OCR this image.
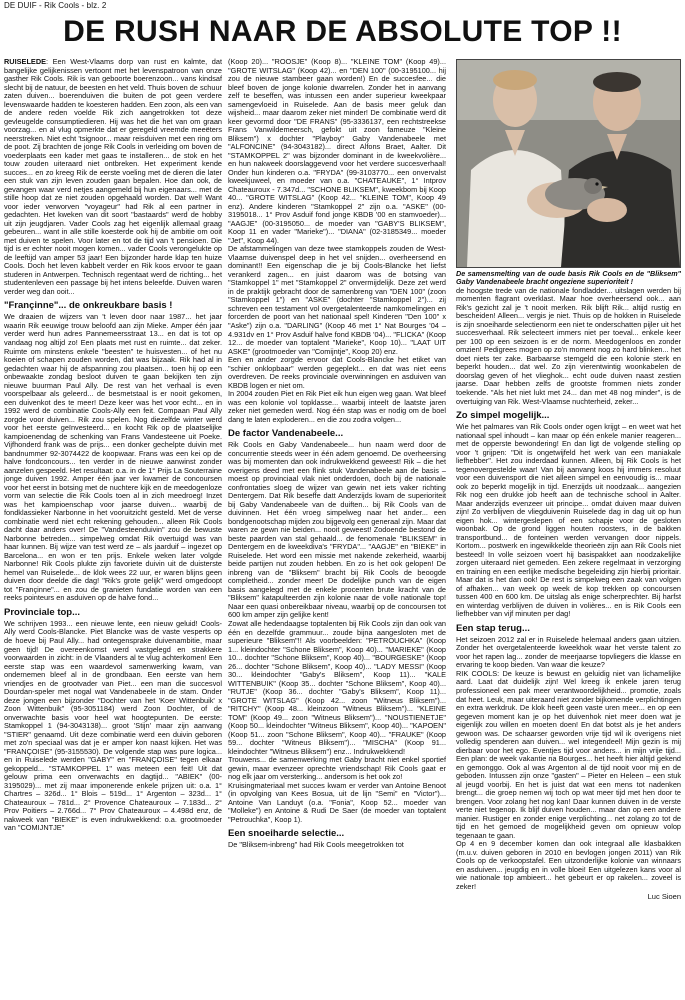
DE DUIF - Rik Cools - blz. 2
DE RUSH NAAR DE ABSOLUTE TOP !!

RUISELEDE: Een West-Vlaams dorp van rust en kalmte, dat bangelijke gelijkenissen vertoont met het levenspatroon van onze gasther Rik Cools. Rik is van geboorte boerenzoon... vans kindsaf slecht bij de natuur, de beesten en het veld. Thuis boven de schuur zaten duiven... boerenduiven die buiten de pot geen verdere levenswaarde hadden te koesteren hadden. Een zoon, als een van de andere reden voelde Rik zich aangetrokken tot deze gevleugelde consumptiedieren. Hij was het die het van om graan voorzag... en al vlug opmerkte dat er geregeld vreemde meeëters neerstreken. Niet echt 'tsignoor... maar reisduiven met een ring om de poot. Zij brachten de jonge Rik Cools in verleiding om boven de voederplaats een kader met gaas te installeren... de stok en het touw zouden uiteraard niet ontbreken. Het experiment kende succes... en zo kreeg Rik de eerste voeling met de dieren die later een stuk van zijn leven zouden gaan bepalen. Hoe dan ook, de gevangen waar verd netjes aangemeld bij hun eigenaars... met de stille hoop dat ze niet zouden opgehaald worden. Dat wel! Want voor ieder verworven "voyageur" had Rik al een partner in gedachten. Het kweken van dit soort "bastaards" werd de hobby uit zijn jeugdjaren. Vader Cools zag het eigenlijk allemaal graag gebeuren... want in alle stille koesterde ook hij de ambitie om ooit met duiven te spelen. Voor later en tot de tijd van 't pensioen. Die tijd is er echter nooit mogen komen... vader Cools verongelukte op de leeftijd van amper 53 jaar! Een bijzonder harde klap ten huize Cools. Doch het leven kabbelt verder en Rik koos ervoor te gaan studeren in Antwerpen. Technisch regentaat werd de richting... het studentenleven een passage bij het intens beleefde. Duiven waren verder weg dan ooit...

"Françinne"... de onkreukbare basis !

We draaien de wijzers van 't leven door naar 1987... het jaar waarin Rik eeuwige trouw beloofd aan zijn Mieke. Amper één jaar verder werd hun adres Pannemeersstraat 13... en dat is tot op vandaag nog altijd zo! Een plaats met rust en ruimte... dat zeker. Ruimte om minstens enkele "beesten" te huisvesten... of het nu koeien of schapen zouden worden, dat was bijzaak. Rik had al in gedachten waar hij de afspanning zou plaatsen... toen hij op een onbewaakte zondag besloot duiven te gaan bekijken ten zijn nieuwe buurman Paul Ally. De rest van het verhaal is even voorspelbaar als geleerd... de besmetstaal is er nooit gekomen, een duivenkot des te meer! Deze keer was het voor echt... en in 1992 werd de combinatie Cools-Ally een feit. Compaan Paul Ally zorgde voor duiven... Rik zou spelen. Nog diezelfde winter werd voor het eerste geïnvesteerd... en kocht Rik op de plaatselijke kampioenendag de schenking van Frans Vandesteene uit Poeke. Vijfhonderd frank was de prijs... een donker gechelpte duivin met bandnummer 92-3074422 de koopwaar. Frans was een kei op de halve fondconcours... ten verder in de nieuwe aanwinst zonder aanzelen gespeeld. Het resultaat: o.a. in de 1° Prijs La Souterraine jonge duiven 1992. Amper één jaar ver kwamer de concoursen voor het eerst in botsing met de nuchtere kijk en de meedogenloze vorm van selectie die Rik Cools toen al in zich meedroeg! Inzet was het kampioenschap voor jaarse duiven... waarbij de fondklassieker Narbonne in het vooruitzicht gesteld. Met de verse combinatie werd niet echt rekening gehouden... alleen Rik Cools dacht daar anders over! De "Vandesteenduivin" zou de bewuste Narbonne betreden... simpelweg omdat Rik overtuigd was van haar kunnen. Bij wijze van test werd ze – als jaarduif – ingezet op Barcelona... en won er ten prijs. Enkele weken later volgde Narbonne! Rik Cools plukte zijn favoriete duivin uit de duisterste hemel van Ruiselede... de klok wees 22 uur, er waren blijns geen duiven door deelde die dag! "Rik's grote gelijk" werd omgedoopt tot "Françinne"... en zou de granieten fundatie worden van een reeks pointeurs en asduiven op de halve fond...

Provinciale top...

We schrijven 1993... een nieuwe lente, een nieuw geluid! Cools-Ally werd Cools-Blancke. Piet Blancke was de vaste vesperts op de hoeve bij Paul Ally... had ontegensprake duivenambitie, maar geen tijd! De overeenkomst werd vastgelegd en strakkere voorwaarden in zicht: in de Vlaanders al te vlug achterkomen! Een eerste stap was een waardevol samenwerking kwam, van ondernemen bleef al in de grondbaan. Een eerste van hem vriendjes en de grootvader van Piet... een man die succesvol Dourdan-speler met nogal wat Vandenabeele in de stam. Onder deze jongen een bijzonder "Dochter van het 'Koer Wittenbuik' x Zoon Wittenbuik" (95-3051184) werd Zoon Dochter, of de onverwachte basis voor heel wat hoogtepunten. De eerste: Stamkoppel 1 (94-3043138)... groot 'Stijn' maar zijn aanvang "STIER" genaamd. Uit deze combinatie werd een duivin geboren met zo'n speciaal was dat je er amper kon naast kijken. Het was "FRANÇOISE" (95-3155530). De volgende stap was pure logica... en in Ruiselede werden "GABY" en "FRANÇOISE" tegen elkaar gekoppeld... "STAMKOPPEL 1" was meteen een feit! Uit dat gelouw prima een onverwachts en dagtijd... "ABIEK" (00-3195029)... met zij maar imponerende enkele prijzen uit: o.a. 1° Chartres – 326d... 1° Blois – 519d... 1° Argenton – 323d... 1° Chateauroux – 781d... 2° Provence Chateauroux – 7.183d... 2° Prov Poitiers – 2.766d... 7° Prov Chateauroux – 4.498d enz, de nakweek van "BIEKE" is even indrukwekkend: o.a. grootmoeder van "COMIJNTJE"

(Koop 20)... "ROOSJE" (Koop 8)... "KLEINE TOM" (Koop 49)... "GROTE WITSLAG" (Koop 42)... en "DEN 100" (00-3195100... hij zou de nieuwe stambeer gaan worden!) En de succesfee... die bleef boven de jonge kolonie dwarrelen. Zonder het in aanvang zelf te beseffen, was intussen een ander superieur kweekpaar samengevloeid in Ruiselede. Aan de basis meer geluk dan wijsheid... maar daarom zeker niet minder! De combinatie werd dit keer gevormd door "DE FRANS" (95-3336137, een rechtstreekse Frans Vanwildemeersch, gefokt uit zoon fameuze "Kleine Bliksem") x dochter "Playboy" Gaby Vandenabeele met "ALFONCINE" (94-3043182)... direct Alfons Braet, Aalter. Dit "STAMKOPPEL 2" was bijzonder dominant in de kweekvolière... en hun nakweek doorslaggevend voor het verdere succesverhaal! Onder hun kinderen o.a. "FRYDA" (99-3103770... een onvervalst kweekjuweel, en moeder van o.a. "CHATEAUKE", 1° Intprov Chateauroux - 7.347d... "SCHONE BLIKSEM", kweekbom bij Koop 40... "GROTE WITSLAG" (Koop 42... "KLEINE TOM", Koop 49 enz). Andere kinderen "Stamkoppel 2" zijn o.a. "ASKE" (00-3195018... 1° Prov Asduif fond jonge KBDB '00 en stamvoeder)... "AAGJE" (00-3195050... de moeder van "GABY'S BLIKSEM", Koop 11 en vader "Marieke")... "DIANA" (02-3185349... moeder "Jet", Koop 44).

De afstammelingen van deze twee stamkoppels zouden de West-Vlaamse duivenspel deep in het vel snijden... overheersend en dominant!! Een eigenschap die je bij Cools-Blancke het liefst verankerd zagen... en juist daarom was de botsing van "Stamkoppel 1" met "Stamkoppel 2" onvermijdelijk. Deze zet werd in de praktijk gebracht door de samenbreng van "DEN 100" (zoon "Stamkoppel 1") en "ASKE" (dochter "Stamkoppel 2")... zij schreven een testament vol overgetalenteerde namkomelingen en forcerden de poort van het nationaal spel! Kinderen "Den 100" x "Aske") zijn o.a. "DARLING" (Koop 46 met 1° Nat Bourges '04 – 4.931dv en 1° Prov Asduif halve fond KBDB '04)... "FLICKA" (Koop 12... de moeder van toptalent "Marieke", Koop 10)... "LAAT UIT ASKE" (grootmoeder van "Comijntje", Koop 20) enz.

Een en ander zorgde ervoor dat Cools-Blancke het etiket van "schier onklopbaar" werden gegeplekt... en dat was niet eens overdreven. De reeks provinciale overwinningen en asduiven van KBDB logen er niet om.

In 2004 zouden Piet en Rik Piet eik hun eigen weg gaan. Wat bleef was een kolonie vol topklasse... waarbij inteelt de laatste jaren zeker niet gemeden werd. Nog één stap was er nodig om de boel dang te laten exploderen... en die zou zodra volgen...

De factor Vandenabeele...

Rik Cools en Gaby Vandenabeele... hun naam werd door de concurrentie steeds weer in één adem genoemd. De overheersing was bij momenten dan ook indrukwekkend geweest! Rik – die het overigens deed met een flink stuk Vandenabeele aan de basis – moest op provinciaal vlak niet onderdoen, doch bij de nationale confrontaties sloeg de wijzer van gewin net iets vaker richting Dentergem. Dat Rik beseffe datt Anderzijds kwam de superioriteit bij Gaby Vandenabeele van de duiften... bij Rik Cools van de duivinnen. Het één vroeg simpelweg naar het ander... een bondgenootschap mijden zou bijgevolg een generaal zijn. Maar dat waren ze gewn nie beiden... nooit geweest! Zodoende bestond de beste paarden van stal gehaald... de fenomenale "BLIKSEM" in Dentergem en de kweekdiva's "FRYDA"... "AAGJE" en "BIEKE" in Ruiselede. Het word een missie met nakende zekerheid, waarbij beide partijen nut zouden hebben. En zo is het ook gelopen! De inbreng van de "Bliksem" bracht bij Rik Cools de beoogde completheid... zonder meer! De dodelijke punch van de eigen basis aangelegd met de enkele procenten brute kracht van de "Bliksem" katapulteerden zijn kolonie naar de volle nationale top! Naar een quasi onbereikbaar niveau, waarbij op de concoursen tot 600 km amper zijn gelijke kent!

Zowat alle hedendaagse toptalenten bij Rik Cools zijn dan ook van één en dezelfde grammuur... zoude bijna aangesloten met de superieure "Bliksem"!! Als voorbeelden: "PETROUCHKA" (Koop 1... kleindochter "Schone Bliksem", Koop 40)... "MARIEKE" (Koop 10... dochter "Schone Bliksem", Koop 40)... "BOURGESKE" (Koop 26... dochter "Schone Bliksem", Koop 40)... "LADY MESSI" (Koop 30... kleindochter "Gaby's Bliksem", Koop 11)... "KALE WITTENBUIK" (Koop 35... dochter "Schone Bliksem", Koop 40)... "RUTJE" (Koop 36... dochter "Gaby's Bliksem", Koop 11)... "GROTE WITSLAG" (Koop 42... zoon "Witneus Bliksem")... "RITCHY" (Koop 48... kleinzoon "Witneus Bliksem")... "KLEINE TOM" (Koop 49... zoon "Witneus Bliksem")... "NOUSTIENETJE" (Koop 50... kleindochter "Witneus Bliksem", Koop 40)... "KAPOEN" (Koop 51... zoon "Schone Bliksem", Koop 40)... "FRAUKE" (Koop 59... dochter "Witneus Bliksem")... "MISCHA" (Koop 91... kleindochter "Witneus Bliksem") enz... Indrukwekkend!

Trouwens... de samenwerking met Gaby bracht niet enkel sportief gewin, maar evenzeer oprechte vriendschap! Rik Cools gaat er nog elk jaar om versterking... andersom is het ook zo!

Kruisingmateriaal met succes kwam er verder van Antoine Benoot (in opvolging van Kees Bosua, uit de lijn "Semi" en "Victor")... Antoine Van Landuyt (o.a. "Fonia", Koop 52... moeder van "Molleke") en Antoine & Rudi De Saer (de moeder van toptalent "Petrouchka", Koop 1).

Een snoeiharde selectie...

De "Bliksem-inbreng" had Rik Cools meegetrokken tot

De samensmelting van de oude basis Rik Cools en de "Bliksem" Gaby Vandenabeele bracht ongeziene superioriteit !

de hoogste trede van de nationale fondladder... uitslagen werden bij momenten flagrant overklast. Maar hoe overheersend ook... aan Rik's gezicht zal je 't nooit merken. Rik blijft Rik... altijd rustig en bescheiden! Alleen... vergis je niet. Thuis op de hokken in Ruiselede is zijn snoeiharde selectienorm een niet te onderschatten pijler uit het succesverhaal. Rik selecteert immers niet per toeval... enkele keer per 100 op een seizoen is er de norm. Meedogenloos en zonder omzien! Pedigrees mogen op zo'n moment nog zo hard blinken... het doet niets ter zake. Barbaarse stemgeld die een kolonie sterk en beperkt houden... dat wel. Zo zijn vierentwintig woonkabelen de doorslag geven of het vlieghok... echt oude duiven naast zestien jaarse. Daar hebben zelfs de grootste frommen niets zonder toekende. "Als het niet lukt met 24... dan met 48 nog minder", is de overtuiging van Rik. West-Vlaamse nuchterheid, zeker...

Zo simpel mogelijk...

Wie het palmares van Rik Cools onder ogen krijgt – en weet wat het nationaal spel inhoudt – kan maar op één enkele manier reageren... met de opperste bewondering! En dan ligt de volgende stelling op voor 't grijpen: "Dit is ongetwijfeld het werk van een maniakale liefhebber". Het zou inderdaad kunnen. Alleen, bij Rik Cools is het tegenovergestelde waar! Van bij aanvang koos hij immers resoluut voor een duivensport die niet alleen simpel en eenvoudig is... maar ook zo beperkt mogelijk in tijd. Enerzijds uit noodzaak... aangezien Rik nog een drukke job heeft aan de technische school in Aalter. Maar anderzijds evenzeer uit principe... omdat duiven maar duiven zijn! Zo verblijven de vliegduivenin Ruiselede dag in dag uit op hun eigen hok... wintergeslepen of een schapje voor de gesloten woonbak. Op de grond liggen houten roosters, in de bakken transportbund... de fonteinen werden vervangen door nippels. Kortom... postwerk en ingewikkelde theorieën zijn aan Rik Cools niet besteed! In volle seizoen voert hij basispakket aan noodzakelijke zorgen uiteraard niet gemeden. Een zekere regelmaat in verzorging en training en een eerlijke medische begeleiding zijn hierbij prioritair. Maar dat is het dan ook! De rest is simpelweg een zaak van volgen of afhaken... van week op week de kop trekken op concoursen tussen 400 en 600 km. De uitslag als enige scherprechter. Bij harfst en winterdag verblijven de duiven in volières... en is Rik Cools een liefhebber van vijf minuten per dag!

Een stap terug...

Het seizoen 2012 zal er in Ruiselede helemaal anders gaan uitzien. Zonder het overgetalenteerde kweekhok waar het verste talent zo voor het rapen lag... zonder de meerjaarse topvliegers die klasse en ervaring te koop bieden. Van waar die keuze?

RIK COOLS: De keuze is bewust en geluidig niet van lichamelijke aard. Laat dat duidelijk zijn! Wel kreeg ik enkele jaren terug professioneel een pak meer verantwoordelijkheid... promotie, zoals dat heet. Leuk, maar uiteraard niet zonder bijkomende verplichtingen en extra werkdruk. De klok heeft geen vaste uren meer... en op een gegeven moment kan je op het duivenhok niet meer doen wat je eigenlijk zou willen en moeten doen! En dat botst als je het anders gewoon was. De schaarser geworden vrije tijd wil ik overigens niet volledig spenderen aan duiven... wel integendeel! Mijn gezin is mij dierbaar voor het ego. Eventjes tijd voor anders... in mijn vrije tijd... Een plan: de week vakantie na Bourges... het heeft hier altijd gekend en gemonggo. Ook al was Argenton al de tijd nooit voor mij en de geboden. Intussen zijn onze "gasten" – Pieter en Heleen – een stuk al jeugd voorbij. En het is juist dat wat een mens tot nadenken brengt... die groep nemen wij toch op wat meer tijd met hen door te brengen. Voor zolang het nog kan! Daar kunnen duiven in de verste verte niet tegenop. Ik blijf duiven houden... maar dan op een andere manier. Rustiger en zonder enige verplichting... net zolang zo tot de tijd en het gemoed de mogelijkheid geven om opnieuw volop tegenaan te gaan.

Op 4 en 9 december komen dan ook integraal alle klasbakken (m.u.v. duiven geboren in 2010 en bevlogen jongen 2011) van Rik Cools op de verkoopstafel. Een uitzonderlijke kolonie van winnaars en asduiven... jeugdig en in volle bloei! Een uitgelezen kans voor al wie nationale top ambieert... het gebeurt er op rakelen... zoveel is zeker!

Luc Sioen
